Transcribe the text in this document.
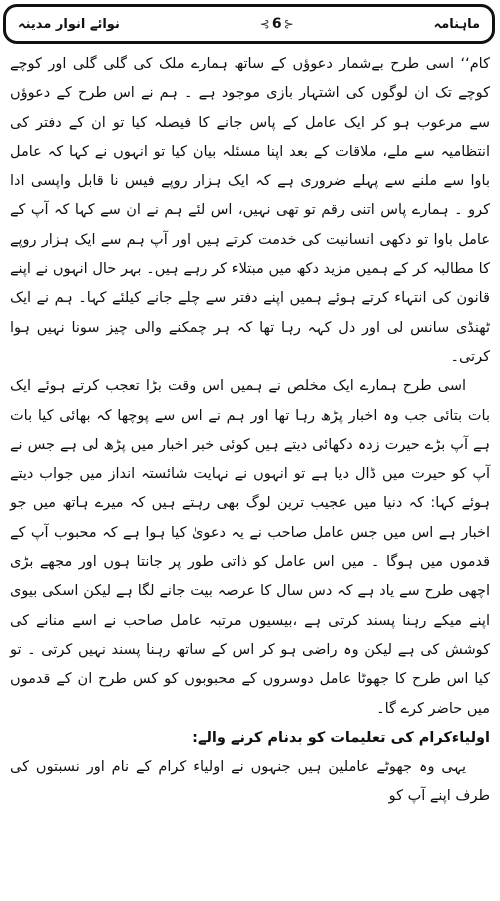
ماہنامہ
⊰ 6 ⊱
نوائے انوار مدینہ

کام‘‘ اسی طرح بےشمار دعوؤں کے ساتھ ہمارے ملک کی گلی گلی اور کوچے کوچے تک ان لوگوں کی اشتہار بازی موجود ہے ۔ ہم نے اس طرح کے دعوؤں سے مرعوب ہو کر ایک عامل کے پاس جانے کا فیصلہ کیا تو ان کے دفتر کی انتظامیہ سے ملے، ملاقات کے بعد اپنا مسئلہ بیان کیا تو انہوں نے کہا کہ عامل باوا سے ملنے سے پہلے ضروری ہے کہ ایک ہزار روپے فیس نا قابل واپسی ادا کرو ۔ ہمارے پاس اتنی رقم تو تھی نہیں، اس لئے ہم نے ان سے کہا کہ آپ کے عامل باوا تو دکھی انسانیت کی خدمت کرتے ہیں اور آپ ہم سے ایک ہزار روپے کا مطالبہ کر کے ہمیں مزید دکھ میں مبتلاء کر رہے ہیں۔ بہر حال انہوں نے اپنے قانون کی انتہاء کرتے ہوئے ہمیں اپنے دفتر سے چلے جانے کیلئے کہا۔ ہم نے ایک ٹھنڈی سانس لی اور دل کہہ رہا تھا کہ ہر چمکنے والی چیز سونا نہیں ہوا کرتی۔

اسی طرح ہمارے ایک مخلص نے ہمیں اس وقت بڑا تعجب کرتے ہوئے ایک بات بتائی جب وہ اخبار پڑھ رہا تھا اور ہم نے اس سے پوچھا کہ بھائی کیا بات ہے آپ بڑے حیرت زدہ دکھائی دیتے ہیں کوئی خبر اخبار میں پڑھ لی ہے جس نے آپ کو حیرت میں ڈال دیا ہے تو انہوں نے نہایت شائستہ انداز میں جواب دیتے ہوئے کہا: کہ دنیا میں عجیب ترین لوگ بھی رہتے ہیں کہ میرے ہاتھ میں جو اخبار ہے اس میں جس عامل صاحب نے یہ دعویٰ کیا ہوا ہے کہ محبوب آپ کے قدموں میں ہوگا ۔ میں اس عامل کو ذاتی طور پر جانتا ہوں اور مجھے بڑی اچھی طرح سے یاد ہے کہ دس سال کا عرصہ بیت جانے لگا ہے لیکن اسکی بیوی اپنے میکے رہنا پسند کرتی ہے ،بیسیوں مرتبہ عامل صاحب نے اسے منانے کی کوشش کی ہے لیکن وہ راضی ہو کر اس کے ساتھ رہنا پسند نہیں کرتی ۔ تو کیا اس طرح کا جھوٹا عامل دوسروں کے محبوبوں کو کس طرح ان کے قدموں میں حاضر کرے گا۔

اولیاءکرام کی تعلیمات کو بدنام کرنے والے:

یہی وہ جھوٹے عاملین ہیں جنہوں نے اولیاء کرام کے نام اور نسبتوں کی طرف اپنے آپ کو
